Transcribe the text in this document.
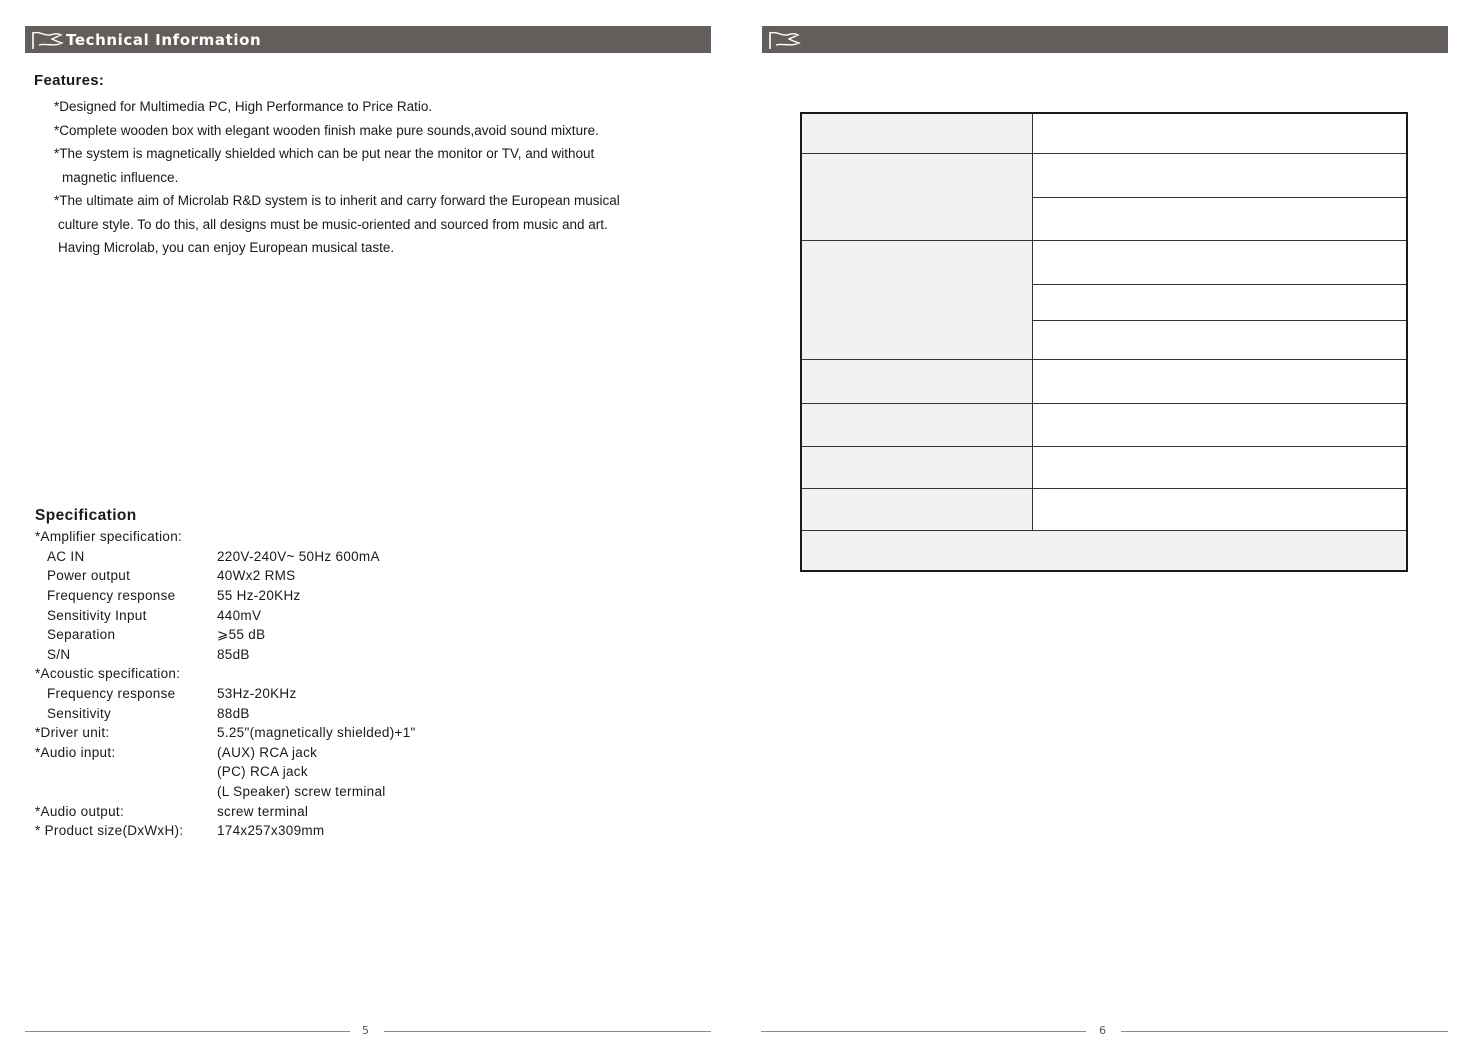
Technical Information
Features:

*Designed for Multimedia PC, High Performance to Price Ratio.

*Complete wooden box with elegant wooden finish make pure sounds,avoid sound mixture.

*The system is magnetically shielded which can be put near the monitor or TV, and without
magnetic influence.

*The ultimate aim of Microlab R&D system is to inherit and carry forward the European musical
culture style. To do this, all designs must be music-oriented and sourced from music and art.
Having Microlab, you can enjoy European musical taste.

Specification
*Amplifier specification:
AC IN	220V-240V~ 50Hz 600mA
Power output	40Wx2 RMS
Frequency response	55 Hz-20KHz
Sensitivity Input	440mV
Separation	⩾55 dB
S/N	85dB
*Acoustic specification:
Frequency response	53Hz-20KHz
Sensitivity	88dB
*Driver unit:	5.25"(magnetically shielded)+1"
*Audio input:	(AUX) RCA jack
(PC) RCA jack
(L Speaker) screw terminal
*Audio output:	screw terminal
* Product size(DxWxH):	174x257x309mm
5	6
